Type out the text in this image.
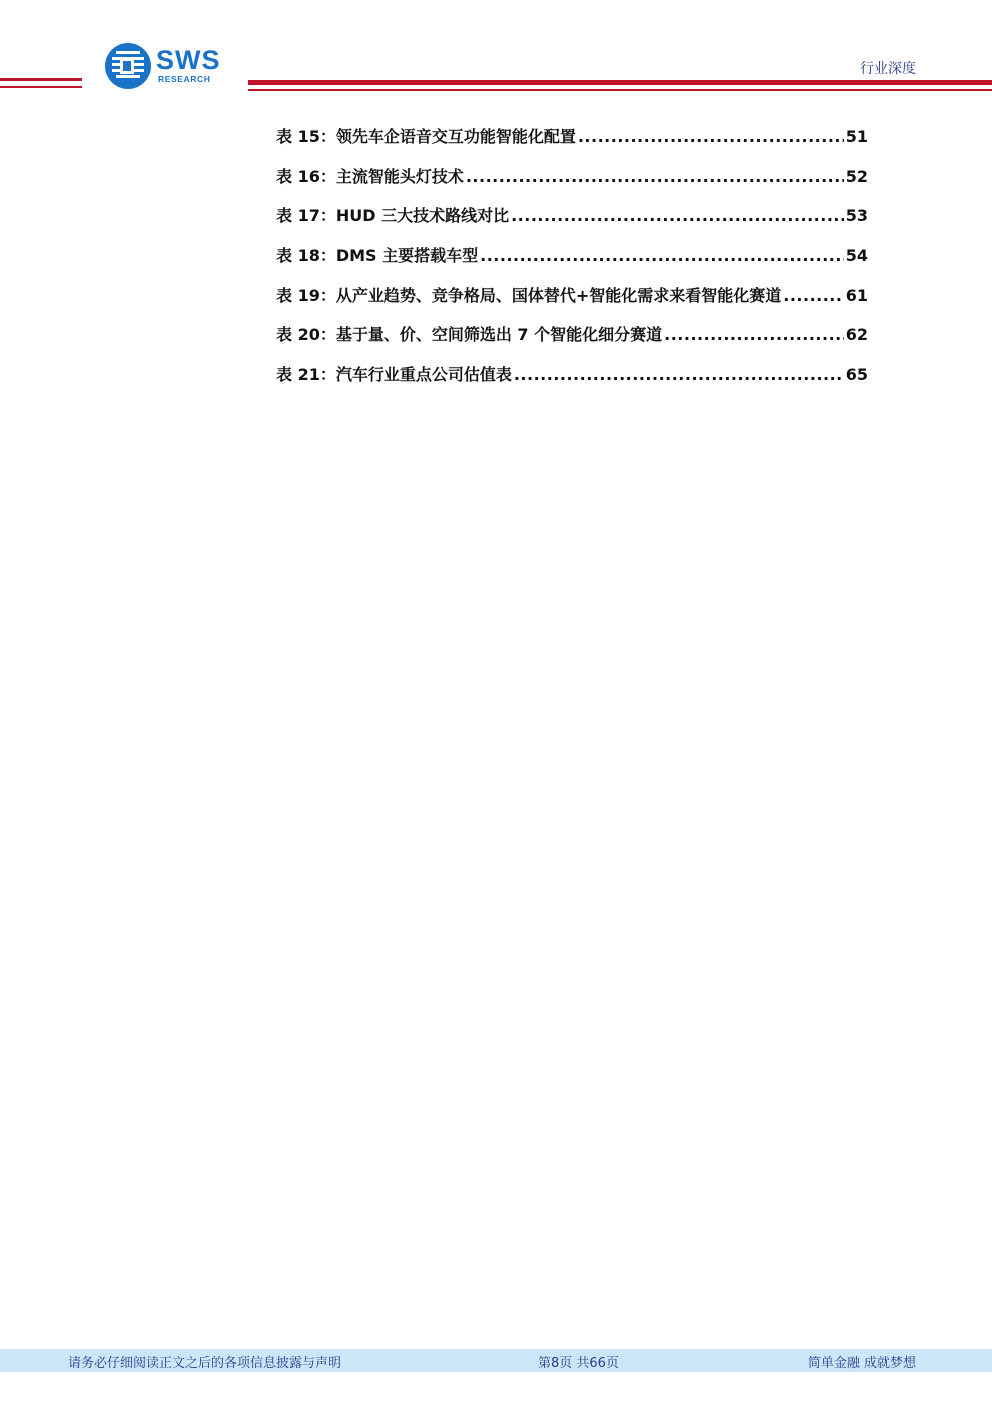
SWS
RESEARCH
行业深度
表 15：领先车企语音交互功能智能化配置 .....	51
表 16：主流智能头灯技术 .....	52
表 17：HUD 三大技术路线对比 .....	53
表 18：DMS 主要搭载车型 .....	54
表 19：从产业趋势、竞争格局、国体替代+智能化需求来看智能化赛道 .....	61
表 20：基于量、价、空间筛选出 7 个智能化细分赛道 .....	62
表 21：汽车行业重点公司估值表 .....	65
请务必仔细阅读正文之后的各项信息披露与声明	第8页 共66页	简单金融 成就梦想
